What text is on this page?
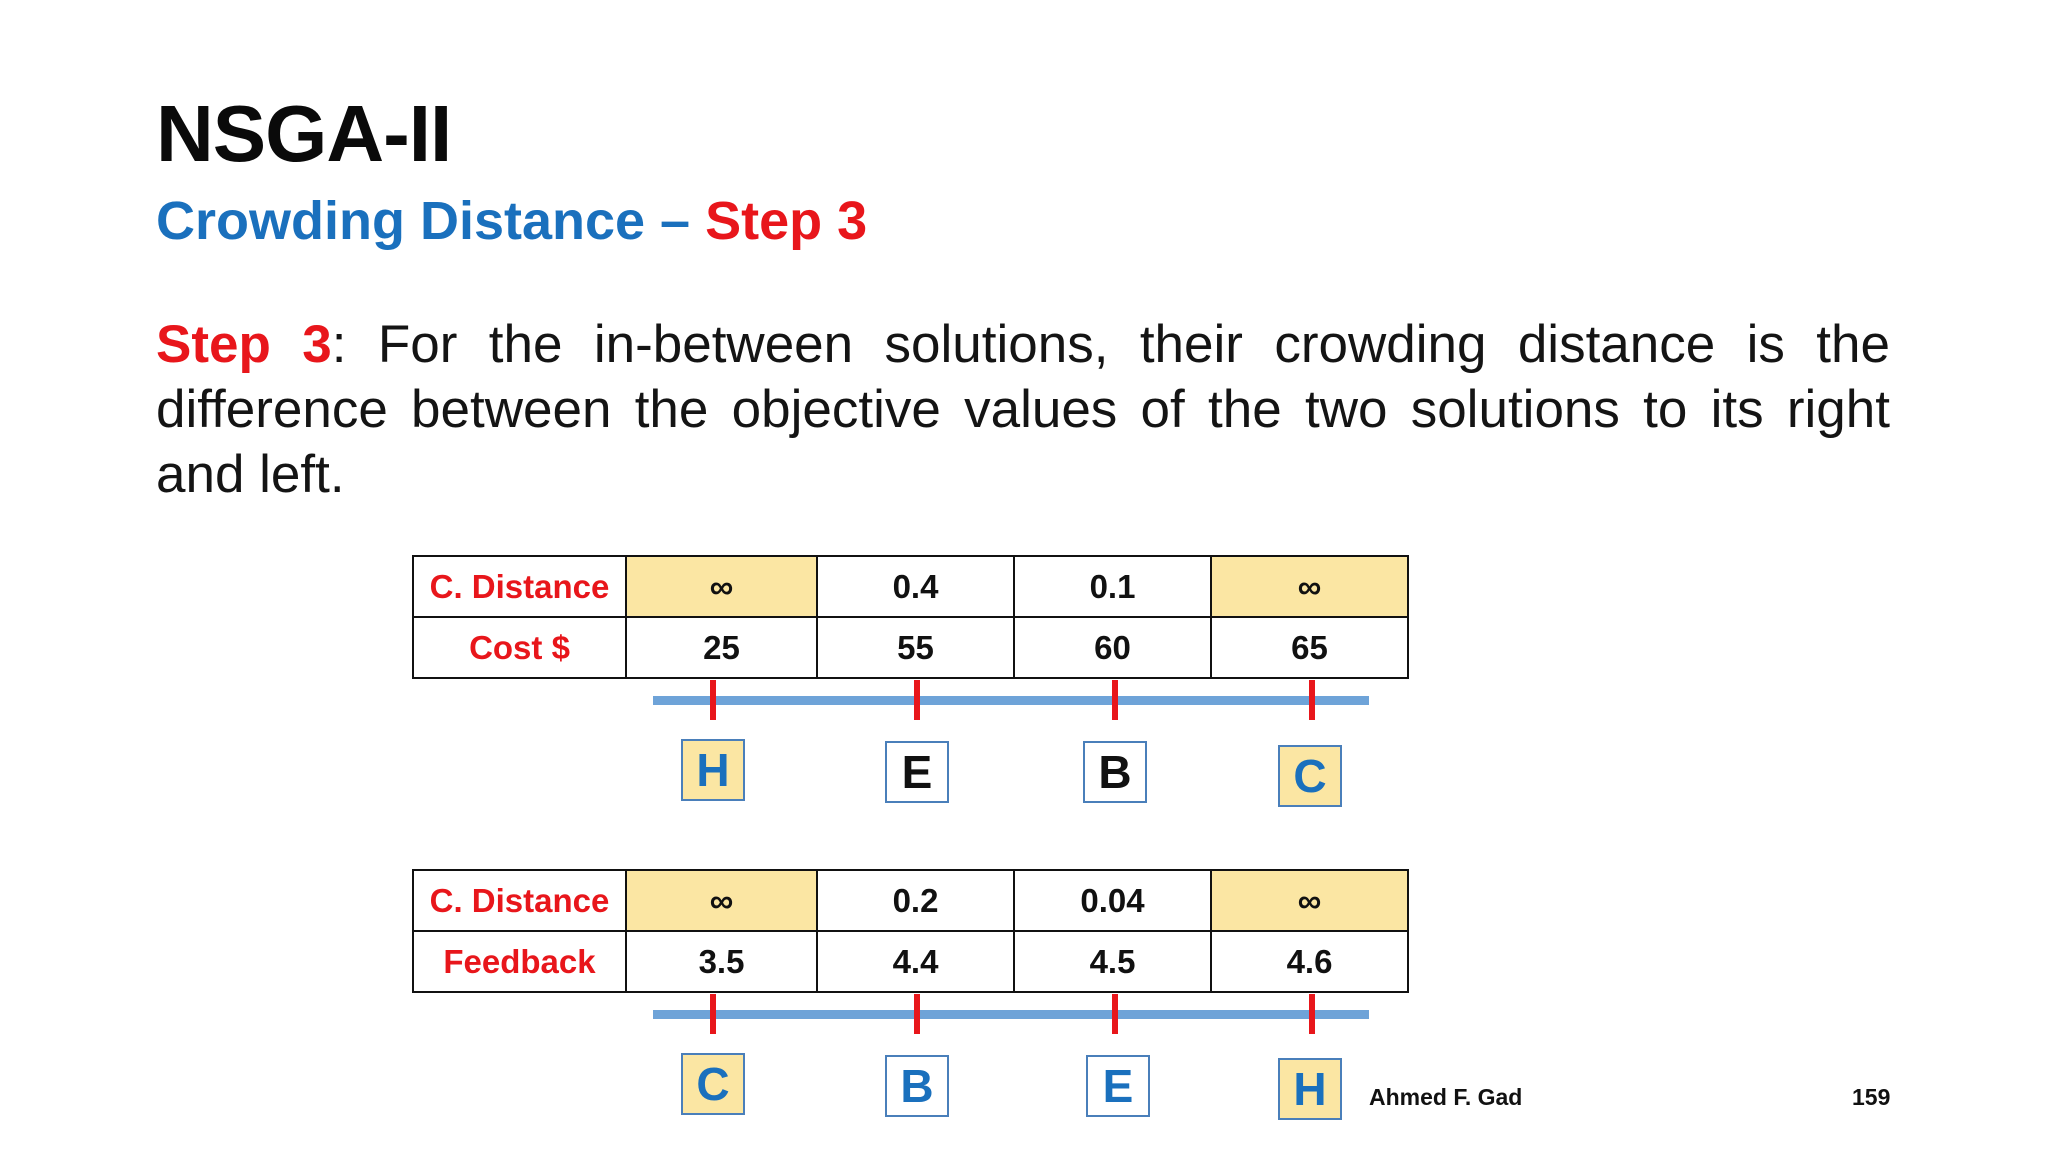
NSGA-II
Crowding Distance – Step 3
Step 3: For the in-between solutions, their crowding distance is the difference between the objective values of the two solutions to its right and left.
C. Distance	∞	0.4	0.1	∞
Cost $	25	55	60	65
H	E	B	C
C. Distance	∞	0.2	0.04	∞
Feedback	3.5	4.4	4.5	4.6
C	B	E	H	Ahmed F. Gad	159
